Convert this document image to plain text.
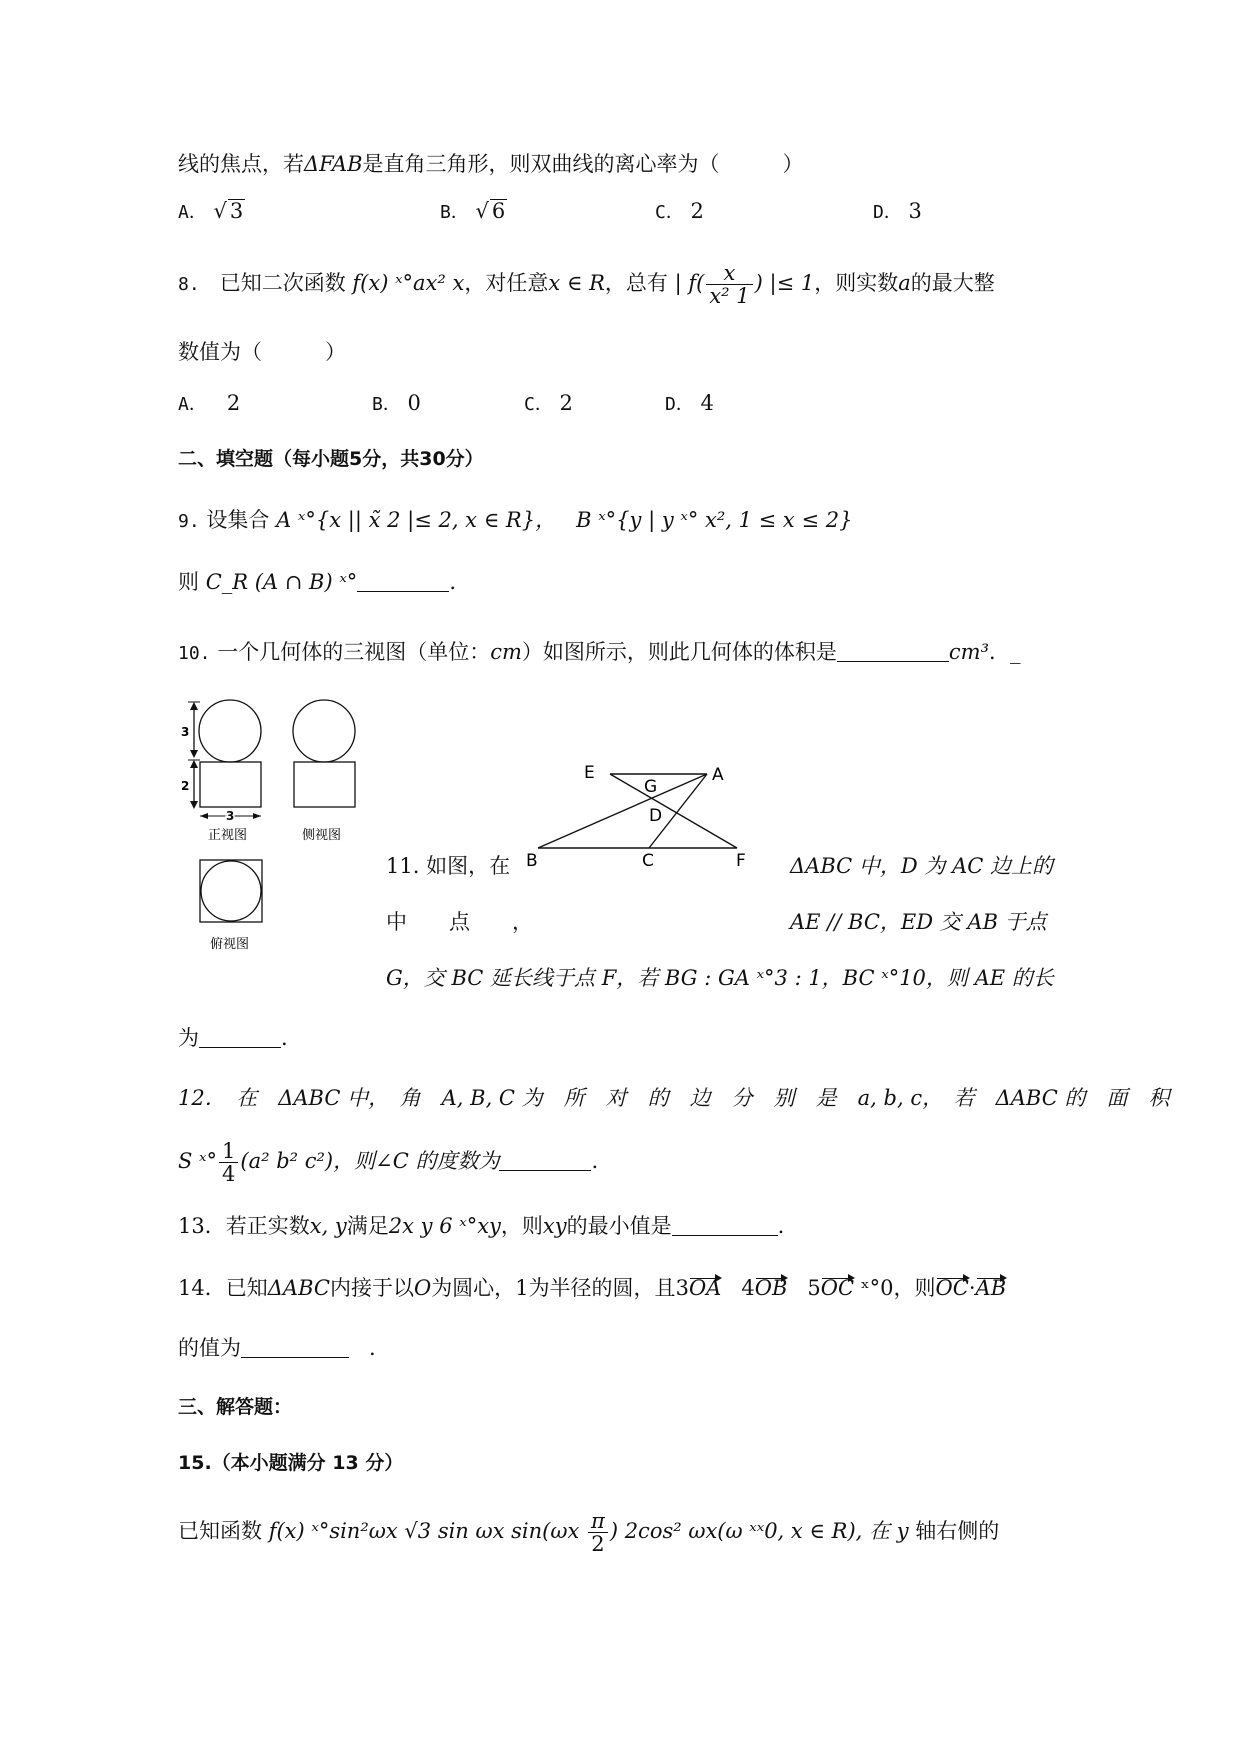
线的焦点，若ΔFAB是直角三角形，则双曲线的离心率为（　　　）
A． √ 3	B． √ 6	C． 2	D． 3
8. 已知二次函数 f(x) ˣ°ax² x，对任意x ∈ R，总有 | $f( \frac{x}{\text{x² 1}}$ ) |≤ 1，则实数a的最大整
数值为（　　　）
A． 2	B． 0	C． 2	D． 4
二、填空题（每小题5分，共30分）
9. 设集合 A ˣ°{x || x̃ 2 |≤ 2, x ∈ R}， B ˣ°{y | y ˣ° x², 1 ≤ x ≤ 2}
则 C_R (A ∩ B) ˣ°	.
10. 一个几何体的三视图（单位：cm）如图所示，则此几何体的体积是	cm³．_
3
2
3
正视图	侧视图
俯视图
E
G
A
D
B	C	F
11. 如图，在	ΔABC 中，D 为 AC 边上的
中　　点　　，	AE // BC，ED 交 AB 于点
G，交 BC 延长线于点 F，若 BG : GA ˣ°3 : 1，BC ˣ°10，则 AE 的长
为	.
12．　在　ΔABC 中，　角　A, B, C 为　所　对　的　边　分　别　是　a, b, c，　若　ΔABC 的　面　积
S ˣ° $\frac{1}{4} (a^2$ b² c²)，则∠C 的度数为	.
13．若正实数x, y满足2x y 6 ˣ°xy，则xy的最小值是	.
14．已知ΔABC内接于以O为圆心，1为半径的圆，且3OA 4OB 5OC ˣ°0，则OC·AB
的值为	.
三、解答题：
15.（本小题满分 13 分）
已知函数 f(x) ˣ°sin²ωx √3 sin ωx $\sin(\omega x \frac{\pi}{2}$ ) 2cos² ωx(ω ˣˣ0, x ∈ R), 在 y 轴右侧的
